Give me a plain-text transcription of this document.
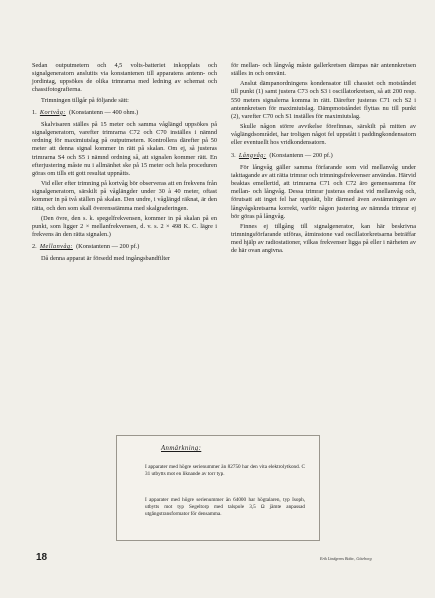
Sedan outputmetern och 4,5 volts-batteriet inkopplats och signalgeneratorn anslutits via konstantenen till apparatens antenn- och jordintag, uppsökes de olika trimrarna med ledning av schemat och chassifotografierna.

Trimningen tillgår på följande sätt:

1. Kortvåg: (Konstantenn — 400 ohm.)

Skalvisaren ställes på 15 meter och samma våglängd uppsökes på signalgeneratorn, varefter trimrarna C72 och C70 inställes i nämnd ordning för maximiutslag på outputmetern. Kontrollera därefter på 50 meter att denna signal kommer in rätt på skalan. Om ej, så justeras trimrarna S4 och S5 i nämnd ordning så, att signalen kommer rätt. En efterjustering måste nu i allmänhet ske på 15 meter och hela proceduren göras om tills ett gott resultat uppnåtts.

Vid eller efter trimning på kortvåg bör observeras att en frekvens från signalgeneratorn, särskilt på våglängder under 30 à 40 meter, oftast kommer in på två ställen på skalan. Den undre, i våglängd räknat, är den rätta, och den som skall överensstämma med skalgraderingen.

(Den övre, den s. k. spegelfrekvensen, kommer in på skalan på en punkt, som ligger 2 × mellanfrekvensen, d. v. s. 2 × 498 K. C. lägre i frekvens än den rätta signalen.)

2. Mellanvåg: (Konstantenn — 200 pf.)

Då denna apparat är försedd med ingångsbandfilter

för mellan- och långvåg måste gallerkretsen dämpas när antennkretsen ställes in och omvänt.

Anslut dämpanordningens kondensator till chassiet och motståndet till punkt (1) samt justera C73 och S3 i oscillatorkretsen, så att 200 resp. 550 meters signalerna komma in rätt. Därefter justeras C71 och S2 i antennkretsen för maximiutslag. Dämpmotståndet flyttas nu till punkt (2), varefter C70 och S1 inställes för maximiutslag.

Skulle någon större avvikelse förefinnas, särskilt på mitten av våglängdsområdet, har troligen något fel uppstått i paddingkondensatorn eller eventuellt hos vridkondensatorn.

3. Långvåg: (Konstantenn — 200 pf.)

För långvåg gäller samma förfarande som vid mellanvåg under iakttagande av att rätta trimrar och trimningsfrekvenser användas. Härvid beaktas emellertid, att trimrarna C71 och C72 äro gemensamma för mellan- och långvåg. Dessa trimrar justeras endast vid mellanvåg och, förutsatt att inget fel har uppstått, blir därmed även avstämningen av långvågskretsarna korrekt, varför någon justering av nämnda trimrar ej bör göras på långvåg.

Finnes ej tillgång till signalgenerator, kan här beskrivna trimningsförfarande utföras, åtminstone vad oscillatorkretsarna beträffar med hjälp av radiostationer, vilkas frekvenser ligga på eller i närheten av de här ovan angivna.

Anmärkning:
I apparater med högre serienummer än 82750 har den vita elektrolytkond. C 31 utbytts mot en liknande av torr typ.
I apparater med högre serienummer än 64000 har högtalaren, typ Isoph, utbytts mot typ Segeltorp med talspole 3,5 Ω jämte anpassad utgångstransformator för densamma.
18	Erik Lindgrens Boktr., Göteborg
